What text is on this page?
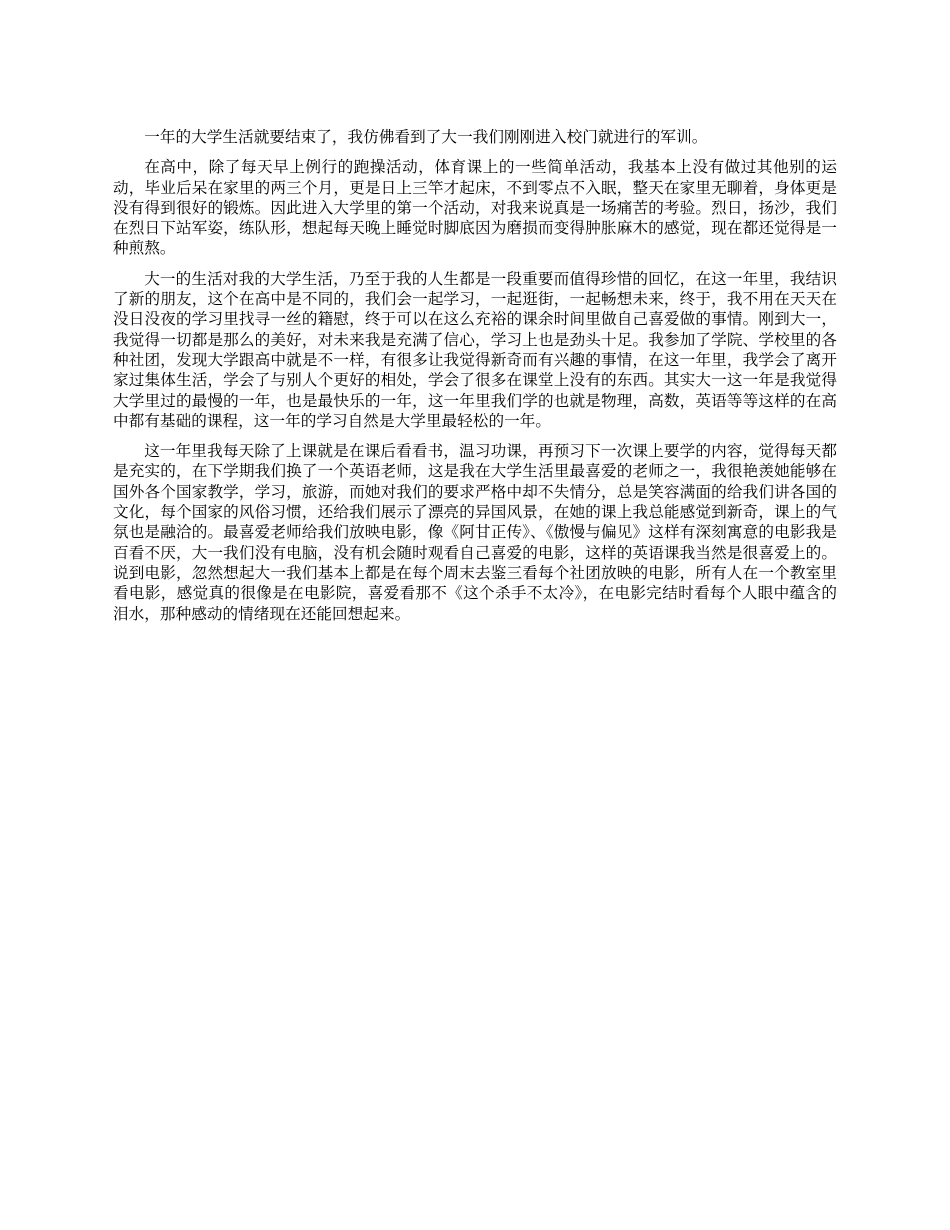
一年的大学生活就要结束了，我仿佛看到了大一我们刚刚进入校门就进行的军训。

在高中，除了每天早上例行的跑操活动，体育课上的一些简单活动，我基本上没有做过其他别的运动，毕业后呆在家里的两三个月，更是日上三竿才起床，不到零点不入眠，整天在家里无聊着，身体更是没有得到很好的锻炼。因此进入大学里的第一个活动，对我来说真是一场痛苦的考验。烈日，扬沙，我们在烈日下站军姿，练队形，想起每天晚上睡觉时脚底因为磨损而变得肿胀麻木的感觉，现在都还觉得是一种煎熬。

大一的生活对我的大学生活，乃至于我的人生都是一段重要而值得珍惜的回忆，在这一年里，我结识了新的朋友，这个在高中是不同的，我们会一起学习，一起逛街，一起畅想未来，终于，我不用在天天在没日没夜的学习里找寻一丝的籍慰，终于可以在这么充裕的课余时间里做自己喜爱做的事情。刚到大一，我觉得一切都是那么的美好，对未来我是充满了信心，学习上也是劲头十足。我参加了学院、学校里的各种社团，发现大学跟高中就是不一样，有很多让我觉得新奇而有兴趣的事情，在这一年里，我学会了离开家过集体生活，学会了与别人个更好的相处，学会了很多在课堂上没有的东西。其实大一这一年是我觉得大学里过的最慢的一年，也是最快乐的一年，这一年里我们学的也就是物理，高数，英语等等这样的在高中都有基础的课程，这一年的学习自然是大学里最轻松的一年。

这一年里我每天除了上课就是在课后看看书，温习功课，再预习下一次课上要学的内容，觉得每天都是充实的，在下学期我们换了一个英语老师，这是我在大学生活里最喜爱的老师之一，我很艳羡她能够在国外各个国家教学，学习，旅游，而她对我们的要求严格中却不失情分，总是笑容满面的给我们讲各国的文化，每个国家的风俗习惯，还给我们展示了漂亮的异国风景，在她的课上我总能感觉到新奇，课上的气氛也是融洽的。最喜爱老师给我们放映电影，像《阿甘正传》、《傲慢与偏见》这样有深刻寓意的电影我是百看不厌，大一我们没有电脑，没有机会随时观看自己喜爱的电影，这样的英语课我当然是很喜爱上的。说到电影，忽然想起大一我们基本上都是在每个周末去鉴三看每个社团放映的电影，所有人在一个教室里看电影，感觉真的很像是在电影院，喜爱看那不《这个杀手不太冷》，在电影完结时看每个人眼中蕴含的泪水，那种感动的情绪现在还能回想起来。
